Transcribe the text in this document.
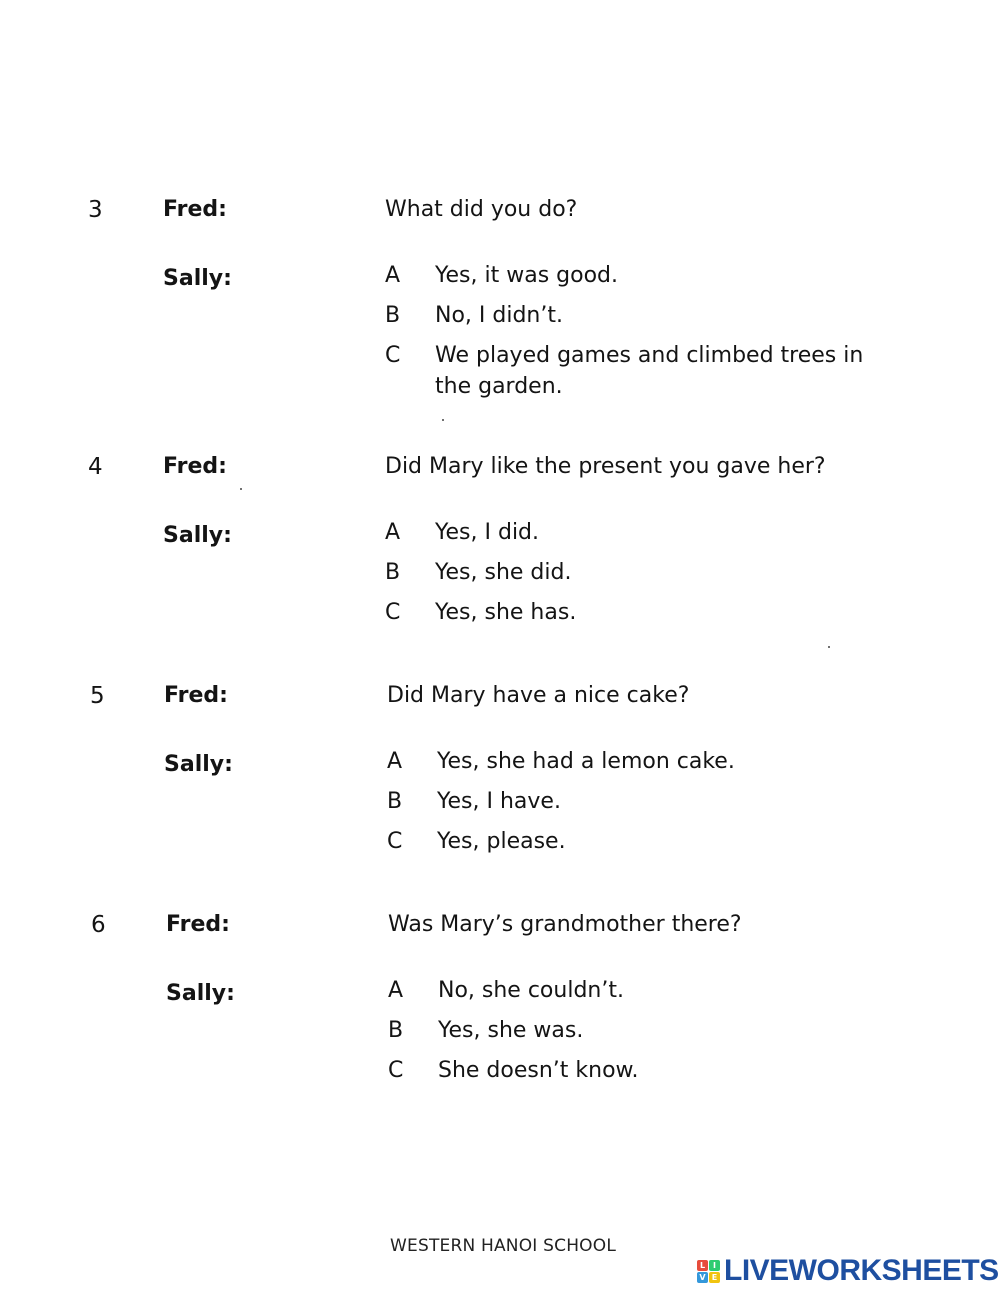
3	Fred:	What did you do?
Sally:	A Yes, it was good.
B No, I didn’t.
C We played games and climbed trees in the garden.
4	Fred:	Did Mary like the present you gave her?
Sally:	A Yes, I did.
B Yes, she did.
C Yes, she has.
5	Fred:	Did Mary have a nice cake?
Sally:	A Yes, she had a lemon cake.
B Yes, I have.
C Yes, please.
6	Fred:	Was Mary’s grandmother there?
Sally:	A No, she couldn’t.
B Yes, she was.
C She doesn’t know.
WESTERN HANOI SCHOOL
L I
V E LIVEWORKSHEETS
